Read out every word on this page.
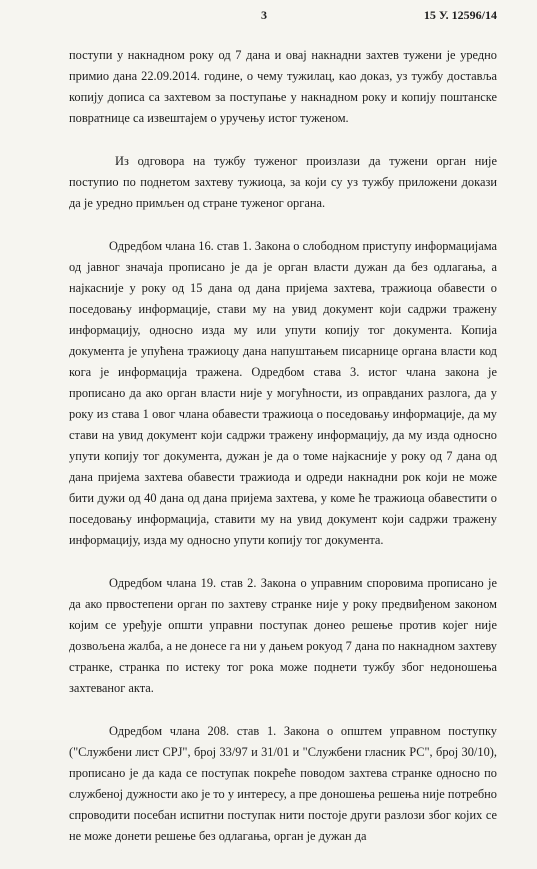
3	15 У. 12596/14

поступи у накнадном року од 7 дана и овај накнадни захтев тужени је уредно примио дана 22.09.2014. године, о чему тужилац, као доказ, уз тужбу доставља копију дописа са захтевом за поступање у накнадном року и копију поштанске повратнице са извештајем о уручењу истог туженом.

Из одговора на тужбу туженог произлази да тужени орган није поступио по поднетом захтеву тужиоца, за који су уз тужбу приложени докази да је уредно примљен од стране туженог органа.

Одредбом члана 16. став 1. Закона о слободном приступу информацијама од јавног значаја прописано је да је орган власти дужан да без одлагања, а најкасније у року од 15 дана од дана пријема захтева, тражиоца обавести о поседовању информације, стави му на увид документ који садржи тражену информацију, односно изда му или упути копију тог документа. Копија документа је упућена тражиоцу дана напуштањем писарнице органа власти код кога је информација тражена. Одредбом става 3. истог члана закона је прописано да ако орган власти није у могућности, из оправданих разлога, да у року из става 1 овог члана обавести тражиоца о поседовању информације, да му стави на увид документ који садржи тражену информацију, да му изда односно упути копију тог документа, дужан је да о томе најкасније у року од 7 дана од дана пријема захтева обавести тражиода и одреди накнадни рок који не може бити дужи од 40 дана од дана пријема захтева, у коме ће тражиоца обавестити о поседовању информација, ставити му на увид документ који садржи тражену информацију, изда му односно упути копију тог документа.

Одредбом члана 19. став 2. Закона о управним споровима прописано је да ако првостепени орган по захтеву странке није у року предвиђеном законом којим се уређује општи управни поступак донео решење против којег није дозвољена жалба, а не донесе га ни у дањем рокуод 7 дана по накнадном захтеву странке, странка по истеку тог рока може поднети тужбу због недоношења захтеваног акта.

Одредбом члана 208. став 1. Закона о општем управном поступку ("Службени лист СРЈ", број 33/97 и 31/01 и "Службени гласник РС", број 30/10), прописано је да када се поступак покреће поводом захтева странке односно по службеној дужности ако је то у интересу, а пре доношења решења није потребно спроводити посебан испитни поступак нити постоје други разлози због којих се не може донети решење без одлагања, орган је дужан да
